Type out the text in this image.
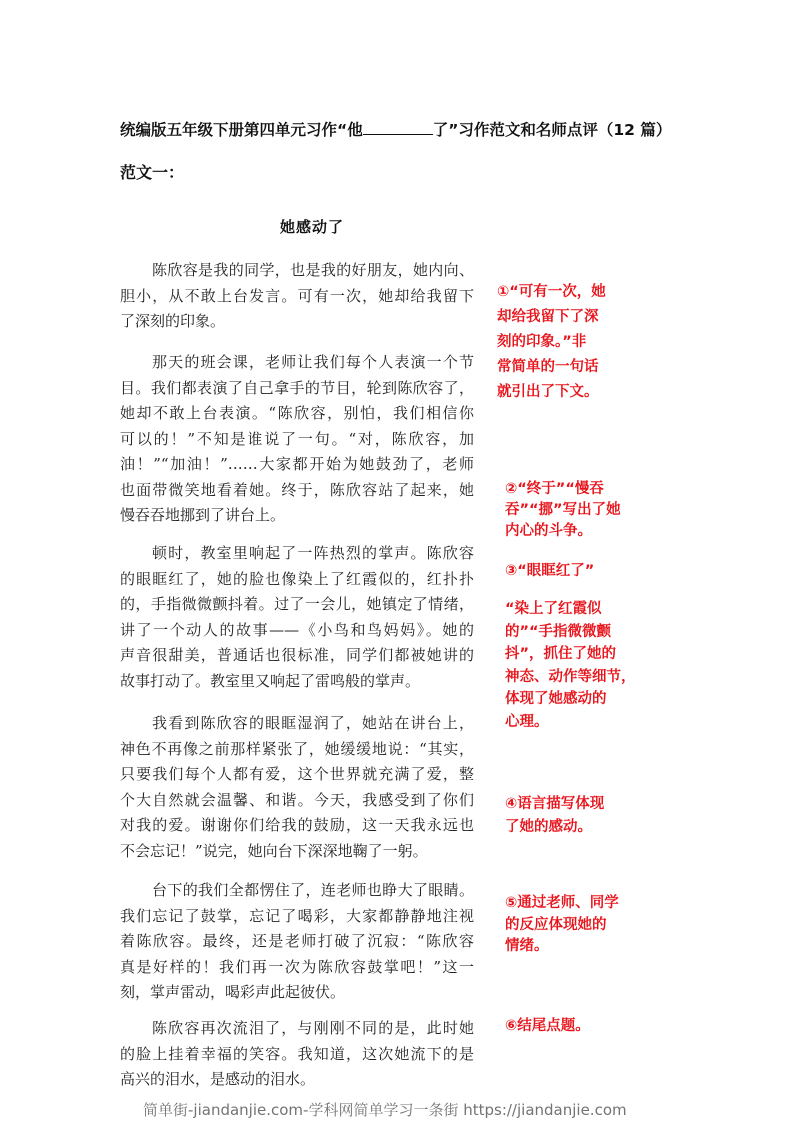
统编版五年级下册第四单元习作“他	了”习作范文和名师点评（12 篇）
范文一：
她感动了
陈欣容是我的同学，也是我的好朋友，她内向、
胆小，从不敢上台发言。可有一次，她却给我留下
了深刻的印象。
那天的班会课，老师让我们每个人表演一个节
目。我们都表演了自己拿手的节目，轮到陈欣容了，
她却不敢上台表演。“陈欣容，别怕，我们相信你
可以的！”不知是谁说了一句。“对，陈欣容，加
油！”“加油！”……大家都开始为她鼓劲了，老师
也面带微笑地看着她。终于，陈欣容站了起来，她
慢吞吞地挪到了讲台上。
顿时，教室里响起了一阵热烈的掌声。陈欣容
的眼眶红了，她的脸也像染上了红霞似的，红扑扑
的，手指微微颤抖着。过了一会儿，她镇定了情绪，
讲了一个动人的故事——《小鸟和鸟妈妈》。她的
声音很甜美，普通话也很标准，同学们都被她讲的
故事打动了。教室里又响起了雷鸣般的掌声。
我看到陈欣容的眼眶湿润了，她站在讲台上，
神色不再像之前那样紧张了，她缓缓地说：“其实，
只要我们每个人都有爱，这个世界就充满了爱，整
个大自然就会温馨、和谐。今天，我感受到了你们
对我的爱。谢谢你们给我的鼓励，这一天我永远也
不会忘记！”说完，她向台下深深地鞠了一躬。
台下的我们全都愣住了，连老师也睁大了眼睛。
我们忘记了鼓掌，忘记了喝彩，大家都静静地注视
着陈欣容。最终，还是老师打破了沉寂：“陈欣容
真是好样的！我们再一次为陈欣容鼓掌吧！”这一
刻，掌声雷动，喝彩声此起彼伏。
陈欣容再次流泪了，与刚刚不同的是，此时她
的脸上挂着幸福的笑容。我知道，这次她流下的是
高兴的泪水，是感动的泪水。
①“可有一次，她
却给我留下了深
刻的印象。”非
常简单的一句话
就引出了下文。
②“终于”“慢吞
吞”“挪”写出了她
内心的斗争。
③“眼眶红了”
“染上了红霞似
的”“手指微微颤
抖”，抓住了她的
神态、动作等细节，
体现了她感动的
心理。
④语言描写体现
了她的感动。
⑤通过老师、同学
的反应体现她的
情绪。
⑥结尾点题。
简单街-jiandanjie.com-学科网简单学习一条街 https://jiandanjie.com
